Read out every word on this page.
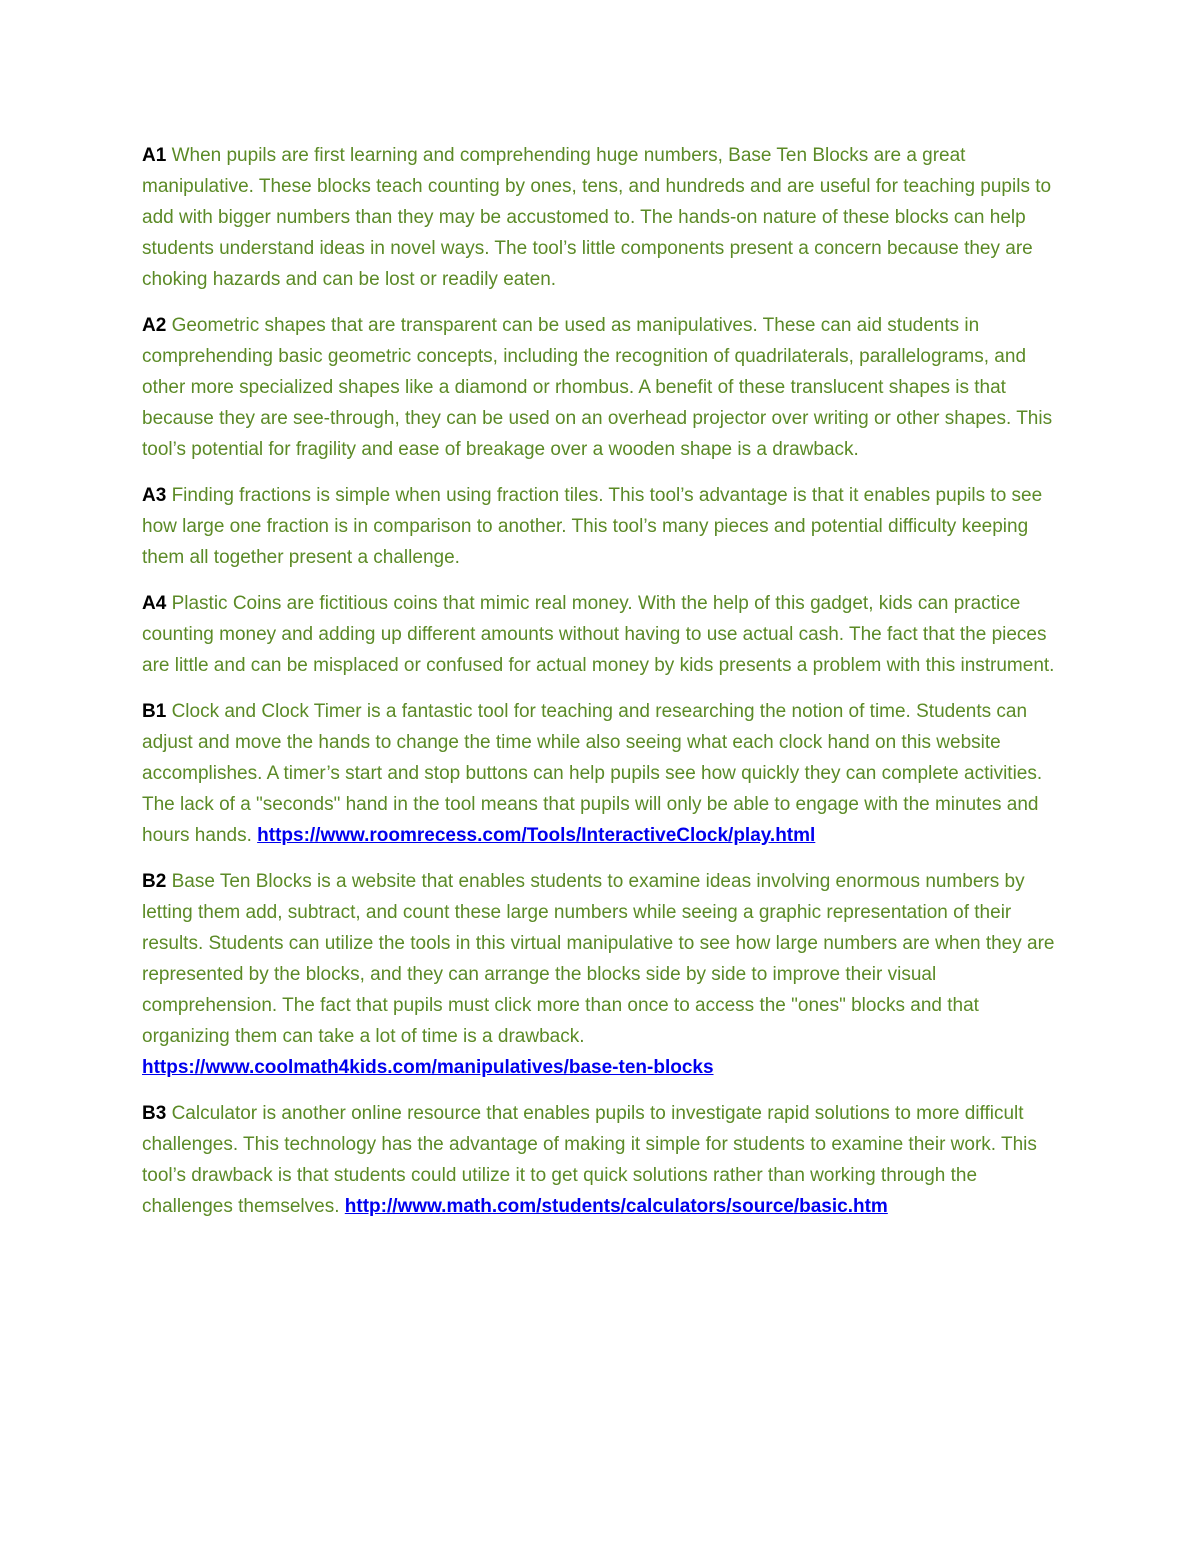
A1 When pupils are first learning and comprehending huge numbers, Base Ten Blocks are a great manipulative. These blocks teach counting by ones, tens, and hundreds and are useful for teaching pupils to add with bigger numbers than they may be accustomed to. The hands-on nature of these blocks can help students understand ideas in novel ways. The tool’s little components present a concern because they are choking hazards and can be lost or readily eaten.

A2 Geometric shapes that are transparent can be used as manipulatives. These can aid students in comprehending basic geometric concepts, including the recognition of quadrilaterals, parallelograms, and other more specialized shapes like a diamond or rhombus. A benefit of these translucent shapes is that because they are see-through, they can be used on an overhead projector over writing or other shapes. This tool’s potential for fragility and ease of breakage over a wooden shape is a drawback.

A3 Finding fractions is simple when using fraction tiles. This tool’s advantage is that it enables pupils to see how large one fraction is in comparison to another. This tool’s many pieces and potential difficulty keeping them all together present a challenge.

A4 Plastic Coins are fictitious coins that mimic real money. With the help of this gadget, kids can practice counting money and adding up different amounts without having to use actual cash. The fact that the pieces are little and can be misplaced or confused for actual money by kids presents a problem with this instrument.

B1 Clock and Clock Timer is a fantastic tool for teaching and researching the notion of time. Students can adjust and move the hands to change the time while also seeing what each clock hand on this website accomplishes. A timer’s start and stop buttons can help pupils see how quickly they can complete activities. The lack of a "seconds" hand in the tool means that pupils will only be able to engage with the minutes and hours hands. https://www.roomrecess.com/Tools/InteractiveClock/play.html

B2 Base Ten Blocks is a website that enables students to examine ideas involving enormous numbers by letting them add, subtract, and count these large numbers while seeing a graphic representation of their results. Students can utilize the tools in this virtual manipulative to see how large numbers are when they are represented by the blocks, and they can arrange the blocks side by side to improve their visual comprehension. The fact that pupils must click more than once to access the "ones" blocks and that organizing them can take a lot of time is a drawback. https://www.coolmath4kids.com/manipulatives/base-ten-blocks

B3 Calculator is another online resource that enables pupils to investigate rapid solutions to more difficult challenges. This technology has the advantage of making it simple for students to examine their work. This tool’s drawback is that students could utilize it to get quick solutions rather than working through the challenges themselves. http://www.math.com/students/calculators/source/basic.htm
